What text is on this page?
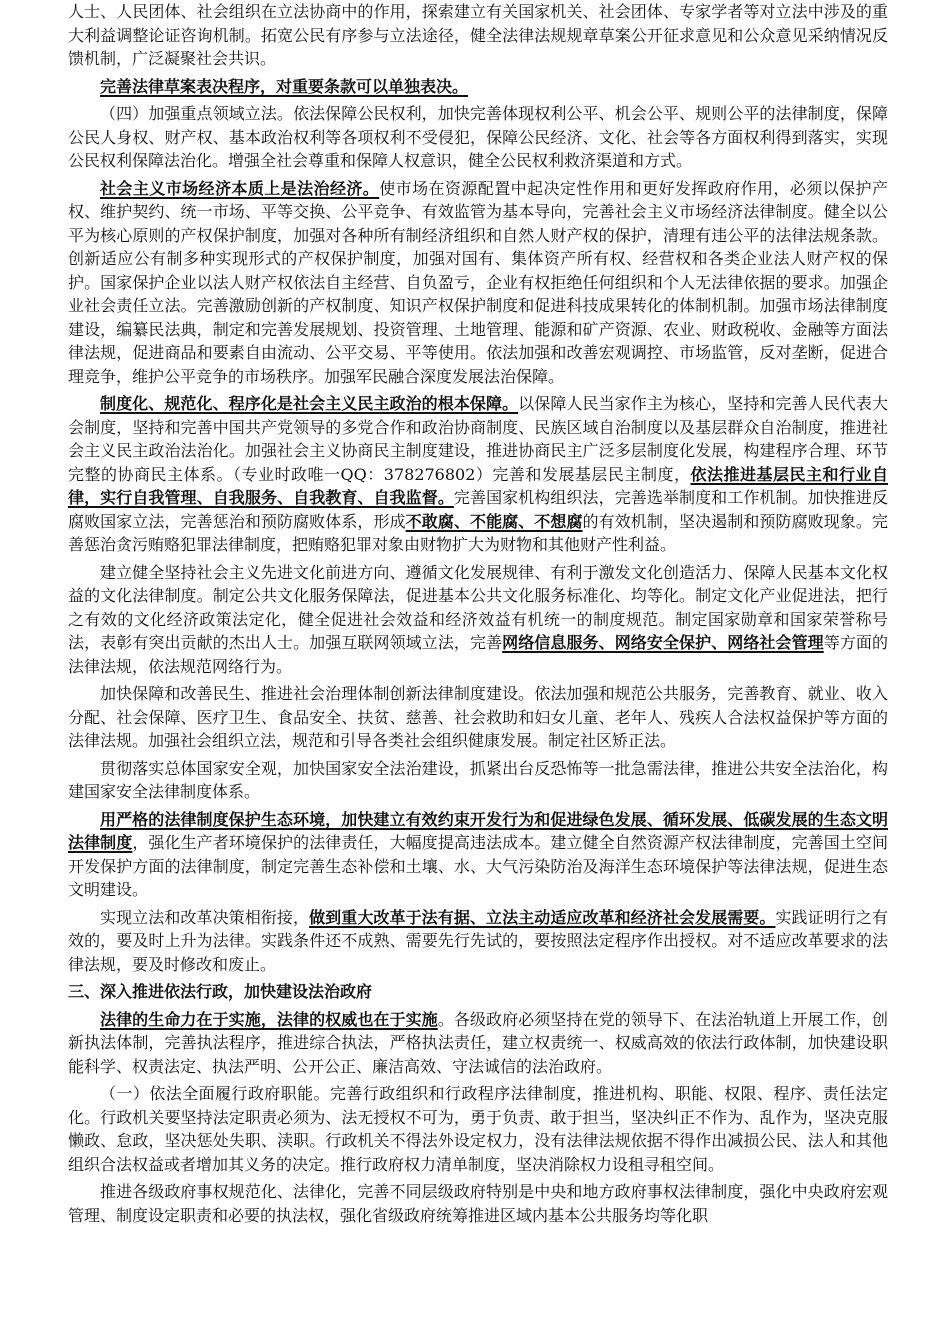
人士、人民团体、社会组织在立法协商中的作用，探索建立有关国家机关、社会团体、专家学者等对立法中涉及的重大利益调整论证咨询机制。拓宽公民有序参与立法途径，健全法律法规规章草案公开征求意见和公众意见采纳情况反馈机制，广泛凝聚社会共识。

完善法律草案表决程序，对重要条款可以单独表决。

（四）加强重点领域立法。依法保障公民权利，加快完善体现权利公平、机会公平、规则公平的法律制度，保障公民人身权、财产权、基本政治权利等各项权利不受侵犯，保障公民经济、文化、社会等各方面权利得到落实，实现公民权利保障法治化。增强全社会尊重和保障人权意识，健全公民权利救济渠道和方式。

社会主义市场经济本质上是法治经济。使市场在资源配置中起决定性作用和更好发挥政府作用，必须以保护产权、维护契约、统一市场、平等交换、公平竞争、有效监管为基本导向，完善社会主义市场经济法律制度。健全以公平为核心原则的产权保护制度，加强对各种所有制经济组织和自然人财产权的保护，清理有违公平的法律法规条款。创新适应公有制多种实现形式的产权保护制度，加强对国有、集体资产所有权、经营权和各类企业法人财产权的保护。国家保护企业以法人财产权依法自主经营、自负盈亏，企业有权拒绝任何组织和个人无法律依据的要求。加强企业社会责任立法。完善激励创新的产权制度、知识产权保护制度和促进科技成果转化的体制机制。加强市场法律制度建设，编纂民法典，制定和完善发展规划、投资管理、土地管理、能源和矿产资源、农业、财政税收、金融等方面法律法规，促进商品和要素自由流动、公平交易、平等使用。依法加强和改善宏观调控、市场监管，反对垄断，促进合理竞争，维护公平竞争的市场秩序。加强军民融合深度发展法治保障。

制度化、规范化、程序化是社会主义民主政治的根本保障。以保障人民当家作主为核心，坚持和完善人民代表大会制度，坚持和完善中国共产党领导的多党合作和政治协商制度、民族区域自治制度以及基层群众自治制度，推进社会主义民主政治法治化。加强社会主义协商民主制度建设，推进协商民主广泛多层制度化发展，构建程序合理、环节完整的协商民主体系。（专业时政唯一QQ：378276802）完善和发展基层民主制度，依法推进基层民主和行业自律，实行自我管理、自我服务、自我教育、自我监督。完善国家机构组织法，完善选举制度和工作机制。加快推进反腐败国家立法，完善惩治和预防腐败体系，形成不敢腐、不能腐、不想腐的有效机制，坚决遏制和预防腐败现象。完善惩治贪污贿赂犯罪法律制度，把贿赂犯罪对象由财物扩大为财物和其他财产性利益。

建立健全坚持社会主义先进文化前进方向、遵循文化发展规律、有利于激发文化创造活力、保障人民基本文化权益的文化法律制度。制定公共文化服务保障法，促进基本公共文化服务标准化、均等化。制定文化产业促进法，把行之有效的文化经济政策法定化，健全促进社会效益和经济效益有机统一的制度规范。制定国家勋章和国家荣誉称号法，表彰有突出贡献的杰出人士。加强互联网领域立法，完善网络信息服务、网络安全保护、网络社会管理等方面的法律法规，依法规范网络行为。

加快保障和改善民生、推进社会治理体制创新法律制度建设。依法加强和规范公共服务，完善教育、就业、收入分配、社会保障、医疗卫生、食品安全、扶贫、慈善、社会救助和妇女儿童、老年人、残疾人合法权益保护等方面的法律法规。加强社会组织立法，规范和引导各类社会组织健康发展。制定社区矫正法。

贯彻落实总体国家安全观，加快国家安全法治建设，抓紧出台反恐怖等一批急需法律，推进公共安全法治化，构建国家安全法律制度体系。

用严格的法律制度保护生态环境，加快建立有效约束开发行为和促进绿色发展、循环发展、低碳发展的生态文明法律制度，强化生产者环境保护的法律责任，大幅度提高违法成本。建立健全自然资源产权法律制度，完善国土空间开发保护方面的法律制度，制定完善生态补偿和土壤、水、大气污染防治及海洋生态环境保护等法律法规，促进生态文明建设。

实现立法和改革决策相衔接，做到重大改革于法有据、立法主动适应改革和经济社会发展需要。实践证明行之有效的，要及时上升为法律。实践条件还不成熟、需要先行先试的，要按照法定程序作出授权。对不适应改革要求的法律法规，要及时修改和废止。

三、深入推进依法行政，加快建设法治政府

法律的生命力在于实施，法律的权威也在于实施。各级政府必须坚持在党的领导下、在法治轨道上开展工作，创新执法体制，完善执法程序，推进综合执法，严格执法责任，建立权责统一、权威高效的依法行政体制，加快建设职能科学、权责法定、执法严明、公开公正、廉洁高效、守法诚信的法治政府。

（一）依法全面履行政府职能。完善行政组织和行政程序法律制度，推进机构、职能、权限、程序、责任法定化。行政机关要坚持法定职责必须为、法无授权不可为，勇于负责、敢于担当，坚决纠正不作为、乱作为，坚决克服懒政、怠政，坚决惩处失职、渎职。行政机关不得法外设定权力，没有法律法规依据不得作出减损公民、法人和其他组织合法权益或者增加其义务的决定。推行政府权力清单制度，坚决消除权力设租寻租空间。

推进各级政府事权规范化、法律化，完善不同层级政府特别是中央和地方政府事权法律制度，强化中央政府宏观管理、制度设定职责和必要的执法权，强化省级政府统筹推进区域内基本公共服务均等化职
